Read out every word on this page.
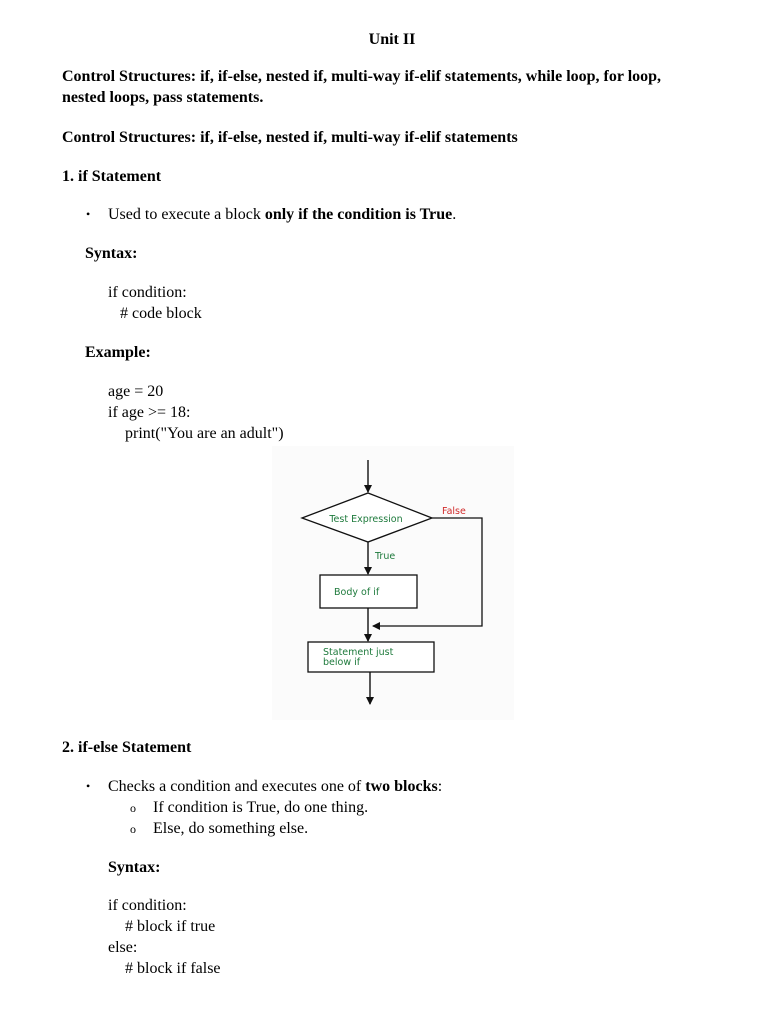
Unit II
Control Structures: if, if-else, nested if, multi-way if-elif statements, while loop, for loop, nested loops, pass statements.
Control Structures: if, if-else, nested if, multi-way if-elif statements
1. if Statement
• Used to execute a block only if the condition is True.
Syntax:
if condition:
# code block
Example:
age = 20
if age >= 18:
print("You are an adult")
Test Expression
False
True
Body of if
Statement just
below if
2. if-else Statement
• Checks a condition and executes one of two blocks:
o If condition is True, do one thing.
o Else, do something else.
Syntax:
if condition:
# block if true
else:
# block if false
